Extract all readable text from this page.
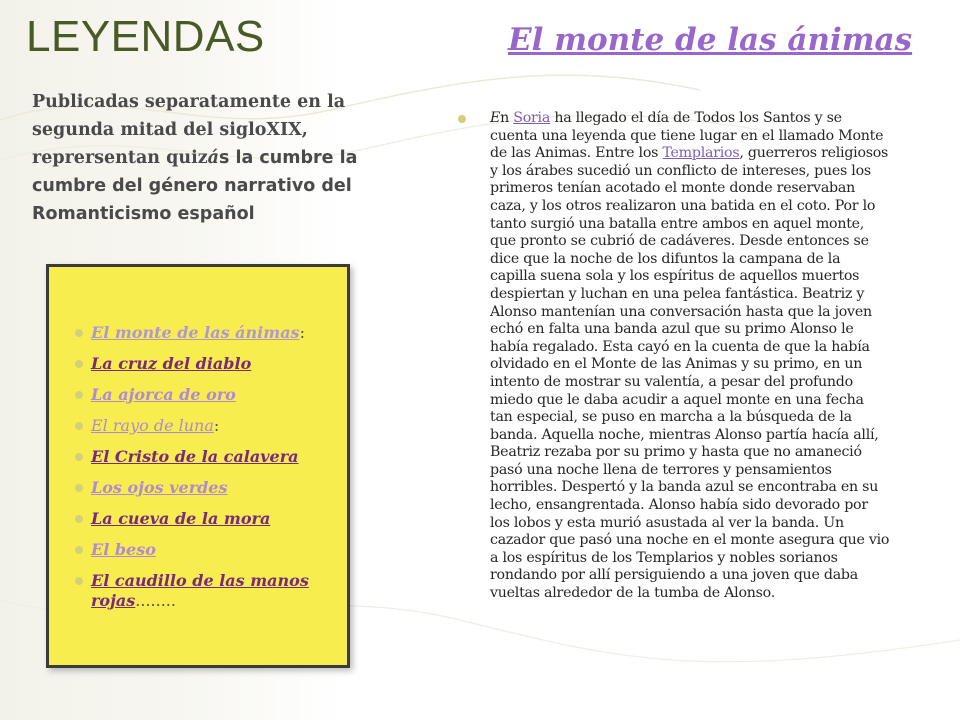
LEYENDAS	El monte de las ánimas

Publicadas separatamente en la segunda mitad del sigloXIX, reprersentan quizás la cumbre la cumbre del género narrativo del Romanticismo español

El monte de las ánimas:
La cruz del diablo
La ajorca de oro
El rayo de luna:
El Cristo de la calavera
Los ojos verdes
La cueva de la mora
El beso
El caudillo de las manos rojas........

En Soria ha llegado el día de Todos los Santos y se cuenta una leyenda que tiene lugar en el llamado Monte de las Animas. Entre los Templarios, guerreros religiosos y los árabes sucedió un conflicto de intereses, pues los primeros tenían acotado el monte donde reservaban caza, y los otros realizaron una batida en el coto. Por lo tanto surgió una batalla entre ambos en aquel monte, que pronto se cubrió de cadáveres. Desde entonces se dice que la noche de los difuntos la campana de la capilla suena sola y los espíritus de aquellos muertos despiertan y luchan en una pelea fantástica. Beatriz y Alonso mantenían una conversación hasta que la joven echó en falta una banda azul que su primo Alonso le había regalado. Esta cayó en la cuenta de que la había olvidado en el Monte de las Animas y su primo, en un intento de mostrar su valentía, a pesar del profundo miedo que le daba acudir a aquel monte en una fecha tan especial, se puso en marcha a la búsqueda de la banda. Aquella noche, mientras Alonso partía hacía allí, Beatriz rezaba por su primo y hasta que no amaneció pasó una noche llena de terrores y pensamientos horribles. Despertó y la banda azul se encontraba en su lecho, ensangrentada. Alonso había sido devorado por los lobos y esta murió asustada al ver la banda. Un cazador que pasó una noche en el monte asegura que vio a los espíritus de los Templarios y nobles sorianos rondando por allí persiguiendo a una joven que daba vueltas alrededor de la tumba de Alonso.
